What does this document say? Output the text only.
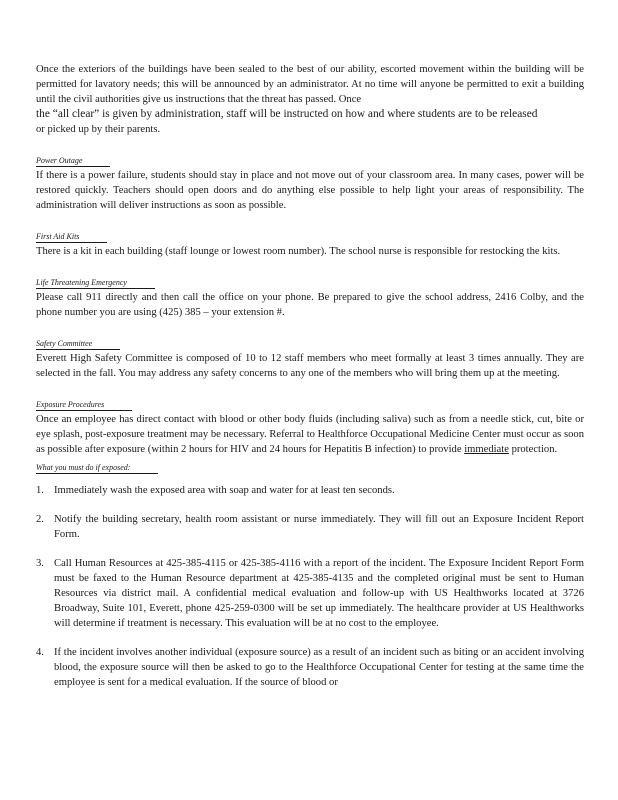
Once the exteriors of the buildings have been sealed to the best of our ability, escorted movement within the building will be permitted for lavatory needs; this will be announced by an administrator. At no time will anyone be permitted to exit a building until the civil authorities give us instructions that the threat has passed. Once

the “all clear” is given by administration, staff will be instructed on how and where students are to be released

or picked up by their parents.

Power Outage

If there is a power failure, students should stay in place and not move out of your classroom area. In many cases, power will be restored quickly. Teachers should open doors and do anything else possible to help light your areas of responsibility. The administration will deliver instructions as soon as possible.

First Aid Kits

There is a kit in each building (staff lounge or lowest room number). The school nurse is responsible for restocking the kits.

Life Threatening Emergency

Please call 911 directly and then call the office on your phone. Be prepared to give the school address, 2416 Colby, and the phone number you are using (425) 385 – your extension #.

Safety Committee

Everett High Safety Committee is composed of 10 to 12 staff members who meet formally at least 3 times annually. They are selected in the fall. You may address any safety concerns to any one of the members who will bring them up at the meeting.

Exposure Procedures

Once an employee has direct contact with blood or other body fluids (including saliva) such as from a needle stick, cut, bite or eye splash, post-exposure treatment may be necessary. Referral to Healthforce Occupational Medicine Center must occur as soon as possible after exposure (within 2 hours for HIV and 24 hours for Hepatitis B infection) to provide immediate protection.

What you must do if exposed:
1. Immediately wash the exposed area with soap and water for at least ten seconds.
2. Notify the building secretary, health room assistant or nurse immediately. They will fill out an Exposure Incident Report Form.
3. Call Human Resources at 425-385-4115 or 425-385-4116 with a report of the incident. The Exposure Incident Report Form must be faxed to the Human Resource department at 425-385-4135 and the completed original must be sent to Human Resources via district mail. A confidential medical evaluation and follow-up with US Healthworks located at 3726 Broadway, Suite 101, Everett, phone 425-259-0300 will be set up immediately. The healthcare provider at US Healthworks will determine if treatment is necessary. This evaluation will be at no cost to the employee.
4. If the incident involves another individual (exposure source) as a result of an incident such as biting or an accident involving blood, the exposure source will then be asked to go to the Healthforce Occupational Center for testing at the same time the employee is sent for a medical evaluation. If the source of blood or
